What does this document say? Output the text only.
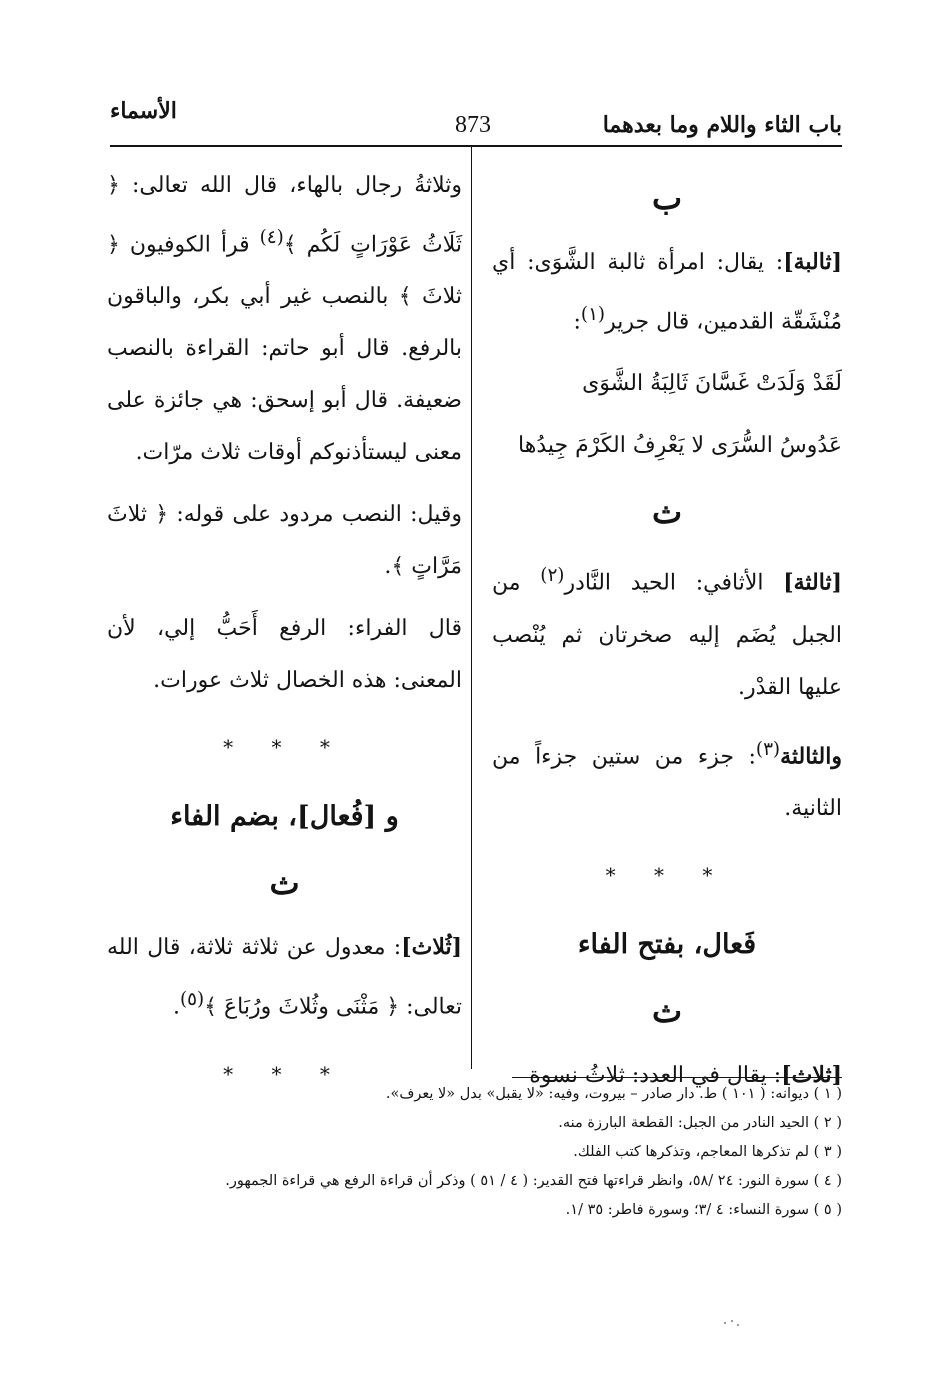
باب الثاء واللام وما بعدهما
873
الأسماء
ب

[ثالبة]: يقال: امرأة ثالبة الشَّوَى: أي مُنْشَقّة القدمين، قال جرير$^{(١)}$:

لَقَدْ وَلَدَتْ غَسَّانَ ثَالِبَةُ الشَّوَى

عَدُوسُ السُّرَى لا يَعْرِفُ الكَرْمَ جِيدُها

ث

[ثالثة] الأثافي: الحيد النَّادر$^{(٢)}$ من الجبل يُضَم إليه صخرتان ثم يُنْصب عليها القدْر.

والثالثة$^{(٣)}$: جزء من ستين جزءاً من الثانية.

* * *
فَعال، بفتح الفاء
ث

[ثلاث]: يقال في العدد: ثلاثُ نسوة

وثلاثةُ رجال بالهاء، قال الله تعالى: ﴿ ثَلَاثُ عَوْرَاتٍ لَكُم ﴾$^{(٤)}$ قرأ الكوفيون ﴿ ثلاثَ ﴾ بالنصب غير أبي بكر، والباقون بالرفع. قال أبو حاتم: القراءة بالنصب ضعيفة. قال أبو إسحق: هي جائزة على معنى ليستأذنوكم أوقات ثلاث مرّات.

وقيل: النصب مردود على قوله: ﴿ ثلاثَ مَرَّاتٍ ﴾.

قال الفراء: الرفع أَحَبُّ إلي، لأن المعنى: هذه الخصال ثلاث عورات.

* * *
و [فُعال]، بضم الفاء
ث

[ثُلاث]: معدول عن ثلاثة ثلاثة، قال الله تعالى: ﴿ مَثْنَى وثُلاثَ ورُبَاعَ ﴾$^{(٥)}$.

* * *
( ١ ) ديوانه: ( ١٠١ ) ط. دار صادر – بيروت، وفيه: «لا يقبل» بدل «لا يعرف».
( ٢ ) الحيد النادر من الجبل: القطعة البارزة منه.
( ٣ ) لم تذكرها المعاجم، وتذكرها كتب الفلك.
( ٤ ) سورة النور: ٢٤ /٥٨، وانظر قراءتها فتح القدير: ( ٤ / ٥١ ) وذكر أن قراءة الرفع هي قراءة الجمهور.
( ٥ ) سورة النساء: ٤ /٣؛ وسورة فاطر: ٣٥ /١.
